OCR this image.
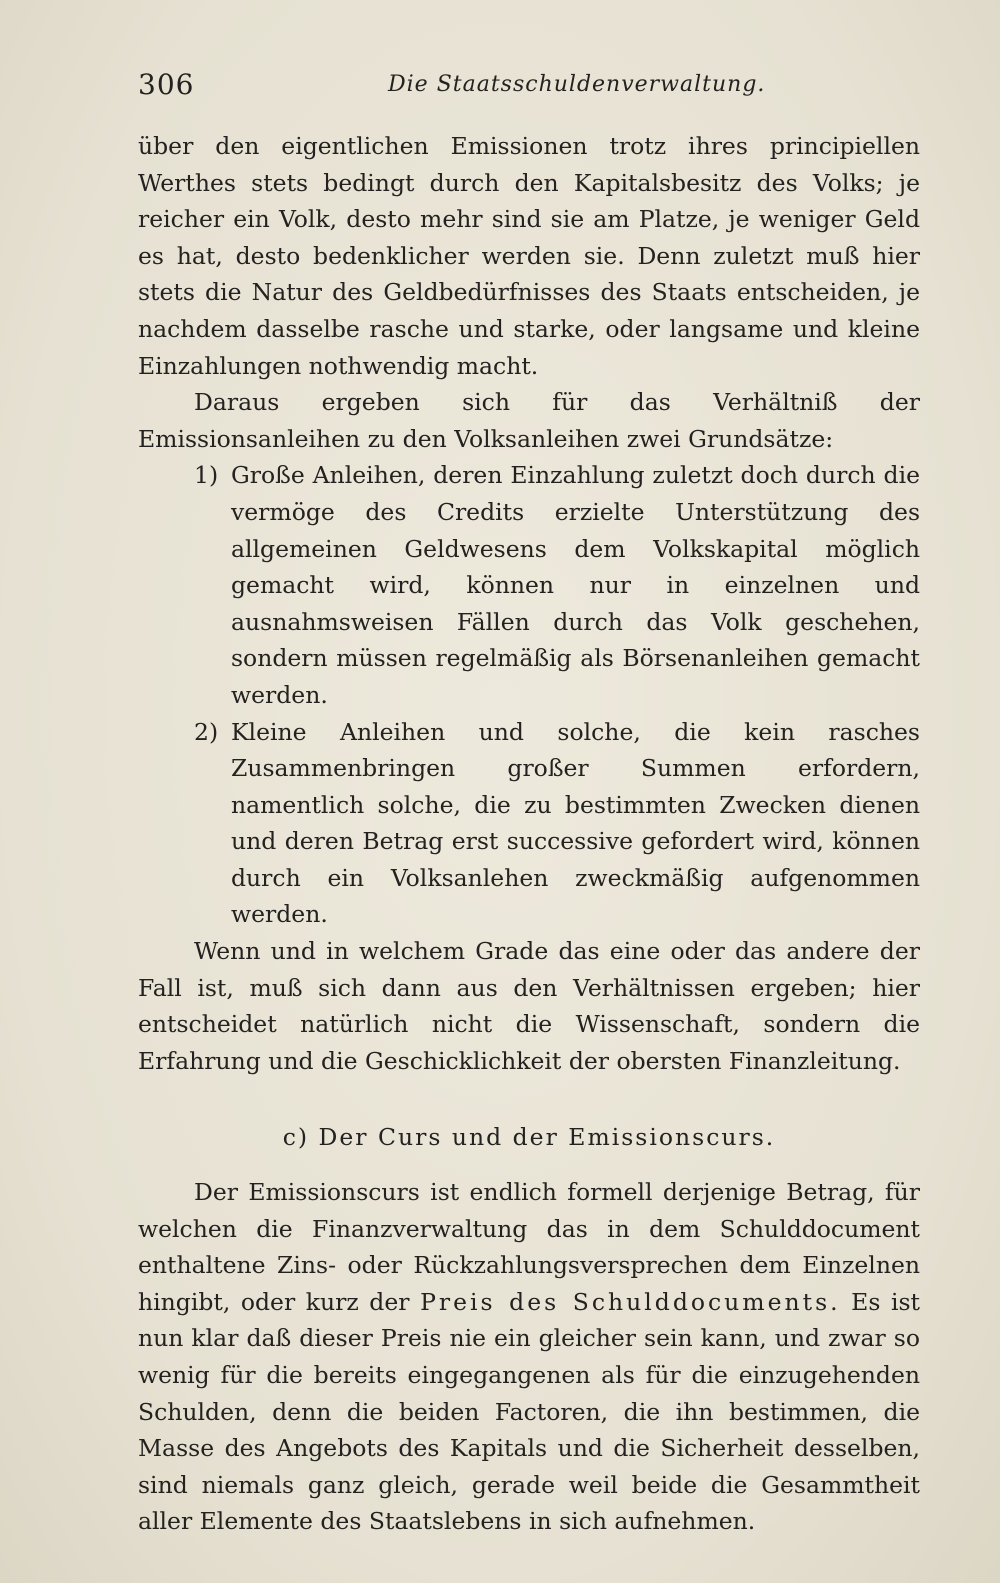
306	Die Staatsschuldenverwaltung.

über den eigentlichen Emissionen trotz ihres principiellen Werthes stets bedingt durch den Kapitalsbesitz des Volks; je reicher ein Volk, desto mehr sind sie am Platze, je weniger Geld es hat, desto bedenklicher werden sie. Denn zuletzt muß hier stets die Natur des Geldbedürfnisses des Staats entscheiden, je nachdem dasselbe rasche und starke, oder langsame und kleine Einzahlungen nothwendig macht.

Daraus ergeben sich für das Verhältniß der Emissionsanleihen zu den Volksanleihen zwei Grundsätze:

1) Große Anleihen, deren Einzahlung zuletzt doch durch die vermöge des Credits erzielte Unterstützung des allgemeinen Geldwesens dem Volkskapital möglich gemacht wird, können nur in einzelnen und ausnahmsweisen Fällen durch das Volk geschehen, sondern müssen regelmäßig als Börsenanleihen gemacht werden.
2) Kleine Anleihen und solche, die kein rasches Zusammenbringen großer Summen erfordern, namentlich solche, die zu bestimmten Zwecken dienen und deren Betrag erst successive gefordert wird, können durch ein Volksanlehen zweckmäßig aufgenommen werden.

Wenn und in welchem Grade das eine oder das andere der Fall ist, muß sich dann aus den Verhältnissen ergeben; hier entscheidet natürlich nicht die Wissenschaft, sondern die Erfahrung und die Geschicklichkeit der obersten Finanzleitung.

c) Der Curs und der Emissionscurs.

Der Emissionscurs ist endlich formell derjenige Betrag, für welchen die Finanzverwaltung das in dem Schulddocument enthaltene Zins- oder Rückzahlungsversprechen dem Einzelnen hingibt, oder kurz der Preis des Schulddocuments. Es ist nun klar daß dieser Preis nie ein gleicher sein kann, und zwar so wenig für die bereits eingegangenen als für die einzugehenden Schulden, denn die beiden Factoren, die ihn bestimmen, die Masse des Angebots des Kapitals und die Sicherheit desselben, sind niemals ganz gleich, gerade weil beide die Gesammtheit aller Elemente des Staatslebens in sich aufnehmen.
